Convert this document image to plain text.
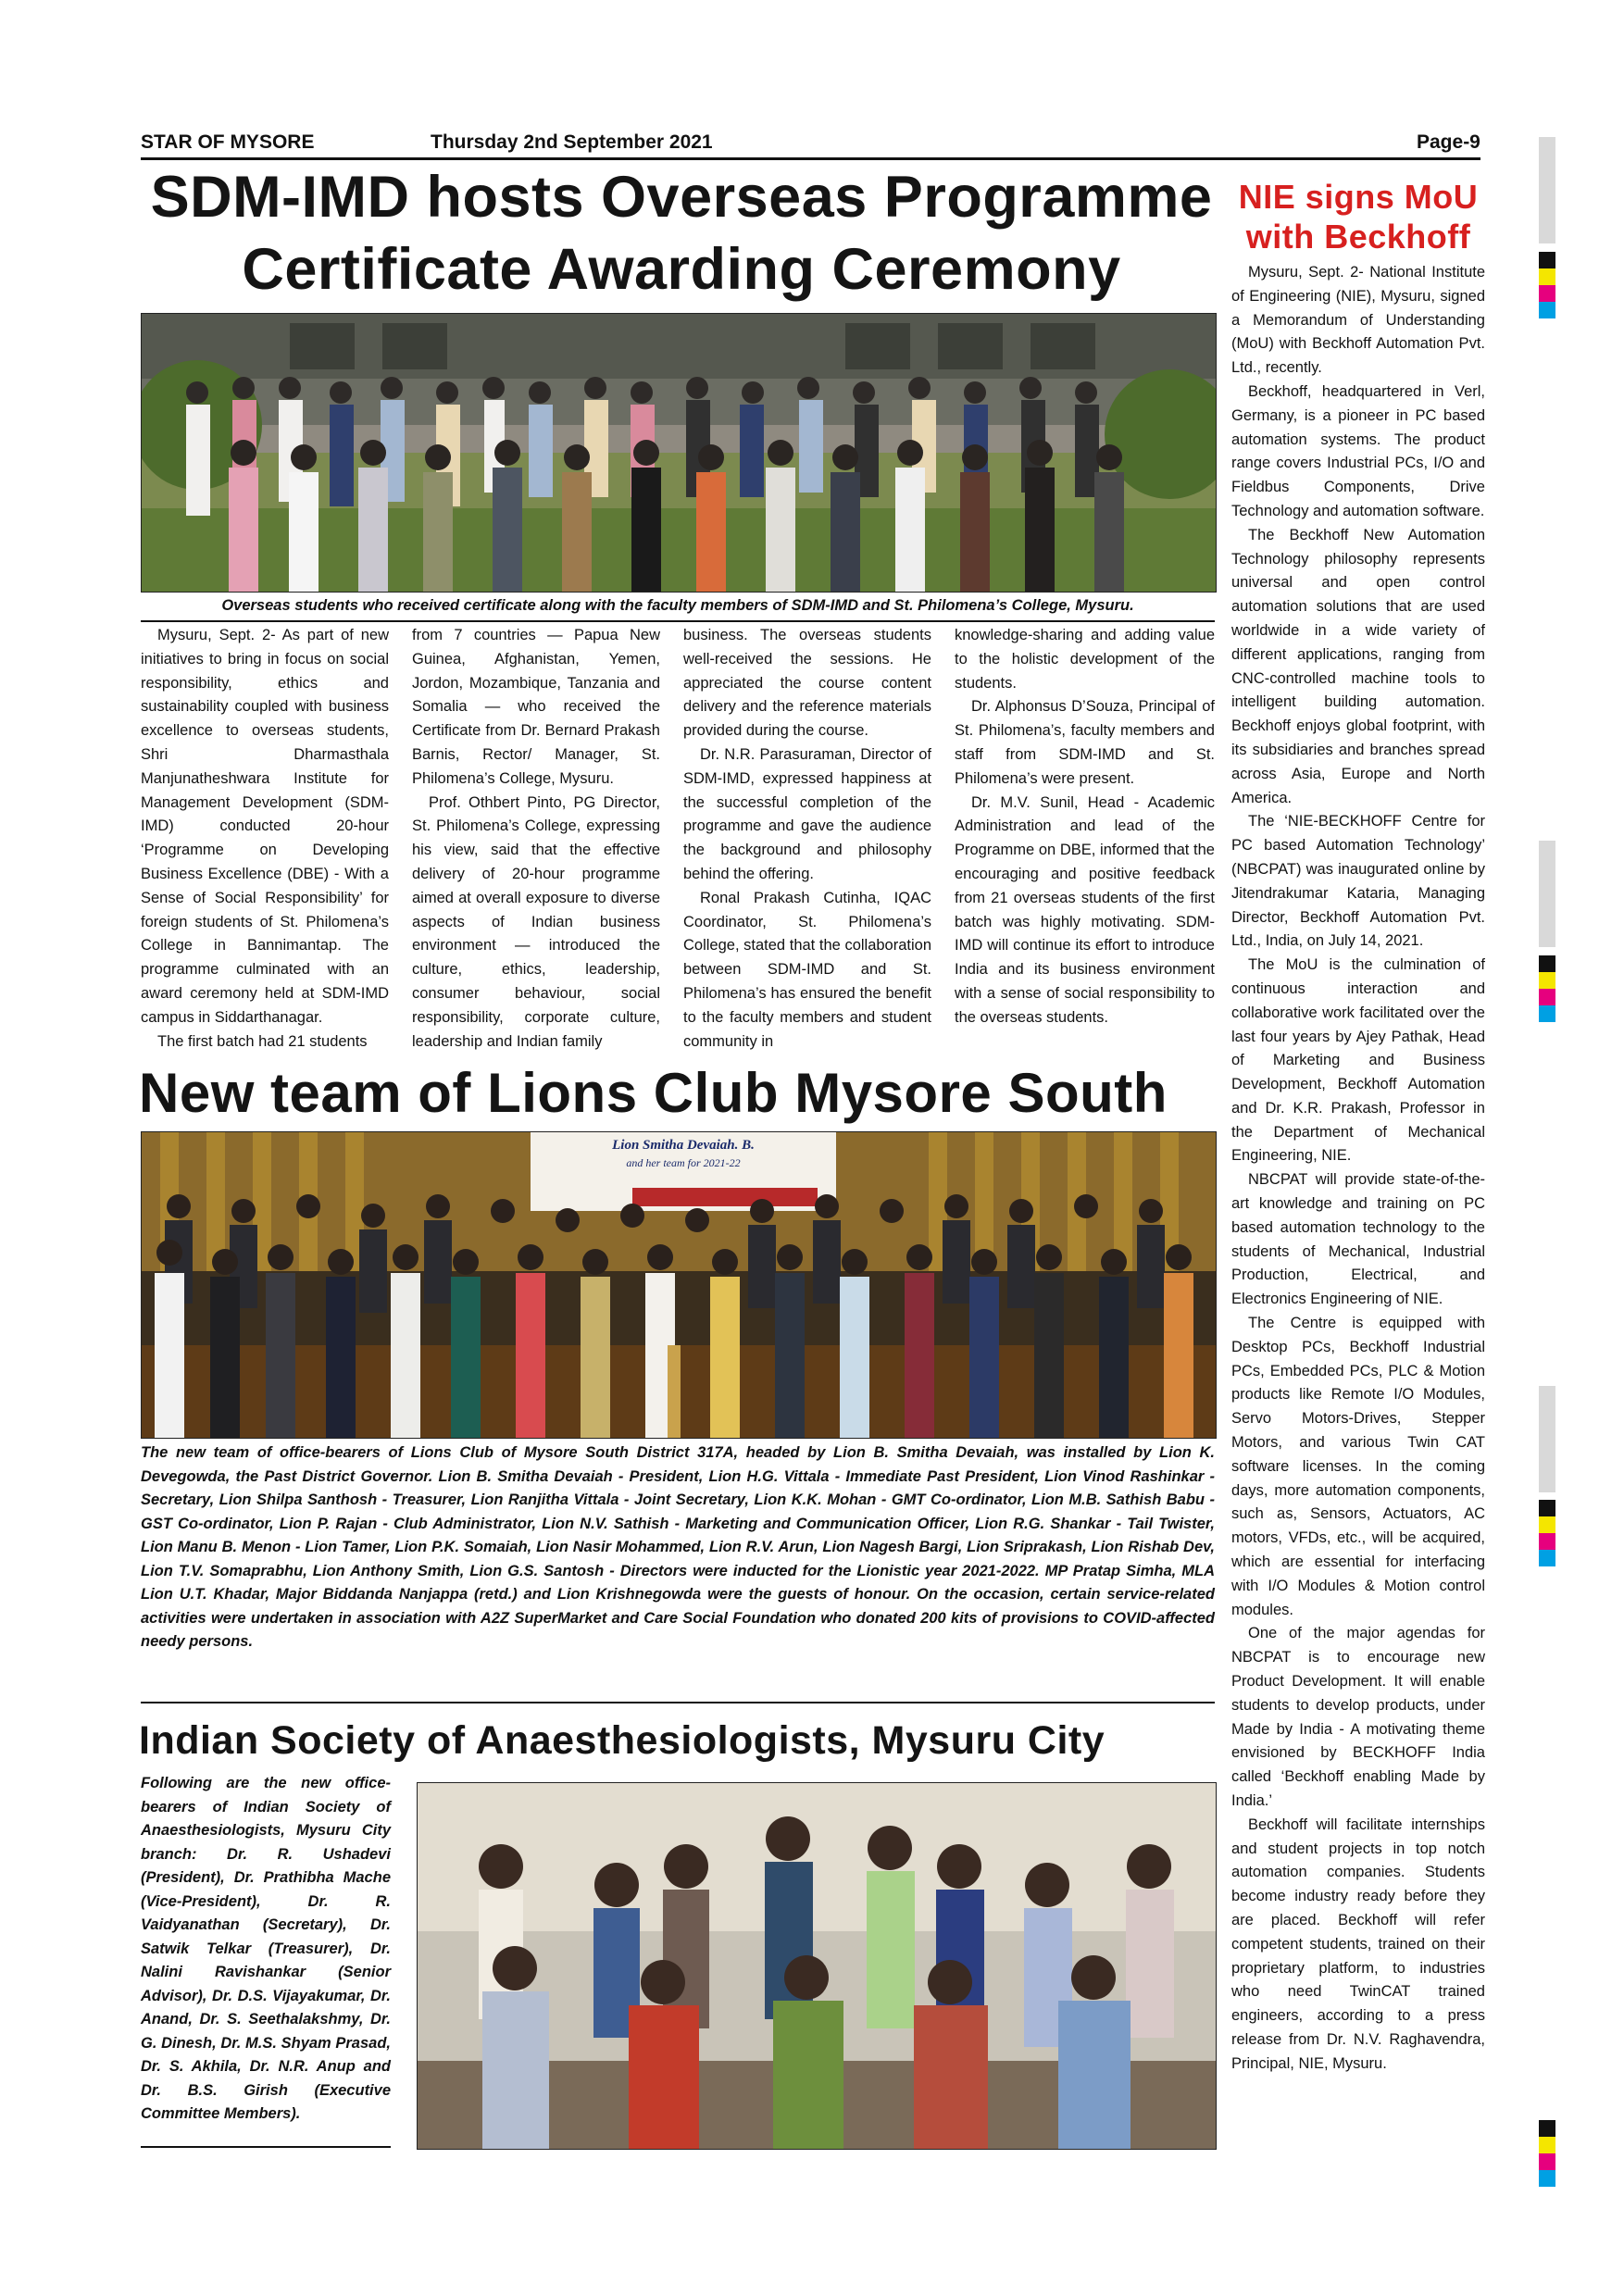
STAR OF MYSORE	Thursday 2nd September 2021	Page-9
SDM-IMD hosts Overseas Programme
Certificate Awarding Ceremony
Overseas students who received certificate along with the faculty members of SDM-IMD and St. Philomena’s College, Mysuru.

Mysuru, Sept. 2- As part of new initiatives to bring in focus on social responsibility, ethics and sustainability coupled with business excellence to overseas students, Shri Dharmasthala Manjunatheshwara Institute for Management Development (SDM-IMD) conducted 20-hour ‘Programme on Developing Business Excellence (DBE) - With a Sense of Social Responsibility’ for foreign students of St. Philomena’s College in Bannimantap. The programme culminated with an award ceremony held at SDM-IMD campus in Siddarthanagar.

The first batch had 21 students

from 7 countries — Papua New Guinea, Afghanistan, Yemen, Jordon, Mozambique, Tanzania and Somalia — who received the Certificate from Dr. Bernard Prakash Barnis, Rector/ Manager, St. Philomena’s College, Mysuru.

Prof. Othbert Pinto, PG Director, St. Philomena’s College, expressing his view, said that the effective delivery of 20-hour programme aimed at overall exposure to diverse aspects of Indian business environment — introduced the culture, ethics, leadership, consumer behaviour, social responsibility, corporate culture, leadership and Indian family

business. The overseas students well-received the sessions. He appreciated the course content delivery and the reference materials provided during the course.

Dr. N.R. Parasuraman, Director of SDM-IMD, expressed happiness at the successful completion of the programme and gave the audience the background and philosophy behind the offering.

Ronal Prakash Cutinha, IQAC Coordinator, St. Philomena’s College, stated that the collaboration between SDM-IMD and St. Philomena’s has ensured the benefit to the faculty members and student community in

knowledge-sharing and adding value to the holistic development of the students.

Dr. Alphonsus D’Souza, Principal of St. Philomena’s, faculty members and staff from SDM-IMD and St. Philomena’s were present.

Dr. M.V. Sunil, Head - Academic Administration and lead of the Programme on DBE, informed that the encouraging and positive feedback from 21 overseas students of the first batch was highly motivating. SDM-IMD will continue its effort to introduce India and its business environment with a sense of social responsibility to the overseas students.

New team of Lions Club Mysore South
Lion Smitha Devaiah. B.
and her team for 2021-22
The new team of office-bearers of Lions Club of Mysore South District 317A, headed by Lion B. Smitha Devaiah, was installed by Lion K. Devegowda, the Past District Governor. Lion B. Smitha Devaiah - President, Lion H.G. Vittala - Immediate Past President, Lion Vinod Rashinkar - Secretary, Lion Shilpa Santhosh - Treasurer, Lion Ranjitha Vittala - Joint Secretary, Lion K.K. Mohan - GMT Co-ordinator, Lion M.B. Sathish Babu - GST Co-ordinator, Lion P. Rajan - Club Administrator, Lion N.V. Sathish - Marketing and Communication Officer, Lion R.G. Shankar - Tail Twister, Lion Manu B. Menon - Lion Tamer, Lion P.K. Somaiah, Lion Nasir Mohammed, Lion R.V. Arun, Lion Nagesh Bargi, Lion Sriprakash, Lion Rishab Dev, Lion T.V. Somaprabhu, Lion Anthony Smith, Lion G.S. Santosh - Directors were inducted for the Lionistic year 2021-2022. MP Pratap Simha, MLA Lion U.T. Khadar, Major Biddanda Nanjappa (retd.) and Lion Krishnegowda were the guests of honour. On the occasion, certain service-related activities were undertaken in association with A2Z SuperMarket and Care Social Foundation who donated 200 kits of provisions to COVID-affected needy persons.
Indian Society of Anaesthesiologists, Mysuru City
Following are the new office-bearers of Indian Society of Anaesthesiologists, Mysuru City branch: Dr. R. Ushadevi (President), Dr. Prathibha Mache (Vice-President), Dr. R. Vaidyanathan (Secretary), Dr. Satwik Telkar (Treasurer), Dr. Nalini Ravishankar (Senior Advisor), Dr. D.S. Vijayakumar, Dr. Anand, Dr. S. Seethalakshmy, Dr. G. Dinesh, Dr. M.S. Shyam Prasad, Dr. S. Akhila, Dr. N.R. Anup and Dr. B.S. Girish (Executive Committee Members).
NIE signs MoU
with Beckhoff

Mysuru, Sept. 2- National Institute of Engineering (NIE), Mysuru, signed a Memorandum of Understanding (MoU) with Beckhoff Automation Pvt. Ltd., recently.

Beckhoff, headquartered in Verl, Germany, is a pioneer in PC based automation systems. The product range covers Industrial PCs, I/O and Fieldbus Components, Drive Technology and automation software.

The Beckhoff New Automation Technology philosophy represents universal and open control automation solutions that are used worldwide in a wide variety of different applications, ranging from CNC-controlled machine tools to intelligent building automation. Beckhoff enjoys global footprint, with its subsidiaries and branches spread across Asia, Europe and North America.

The ‘NIE-BECKHOFF Centre for PC based Automation Technology’ (NBCPAT) was inaugurated online by Jitendrakumar Kataria, Managing Director, Beckhoff Automation Pvt. Ltd., India, on July 14, 2021.

The MoU is the culmination of continuous interaction and collaborative work facilitated over the last four years by Ajey Pathak, Head of Marketing and Business Development, Beckhoff Automation and Dr. K.R. Prakash, Professor in the Department of Mechanical Engineering, NIE.

NBCPAT will provide state-of-the-art knowledge and training on PC based automation technology to the students of Mechanical, Industrial Production, Electrical, and Electronics Engineering of NIE.

The Centre is equipped with Desktop PCs, Beckhoff Industrial PCs, Embedded PCs, PLC & Motion products like Remote I/O Modules, Servo Motors-Drives, Stepper Motors, and various Twin CAT software licenses. In the coming days, more automation components, such as, Sensors, Actuators, AC motors, VFDs, etc., will be acquired, which are essential for interfacing with I/O Modules & Motion control modules.

One of the major agendas for NBCPAT is to encourage new Product Development. It will enable students to develop products, under Made by India - A motivating theme envisioned by BECKHOFF India called ‘Beckhoff enabling Made by India.’

Beckhoff will facilitate internships and student projects in top notch automation companies. Students become industry ready before they are placed. Beckhoff will refer competent students, trained on their proprietary platform, to industries who need TwinCAT trained engineers, according to a press release from Dr. N.V. Raghavendra, Principal, NIE, Mysuru.
